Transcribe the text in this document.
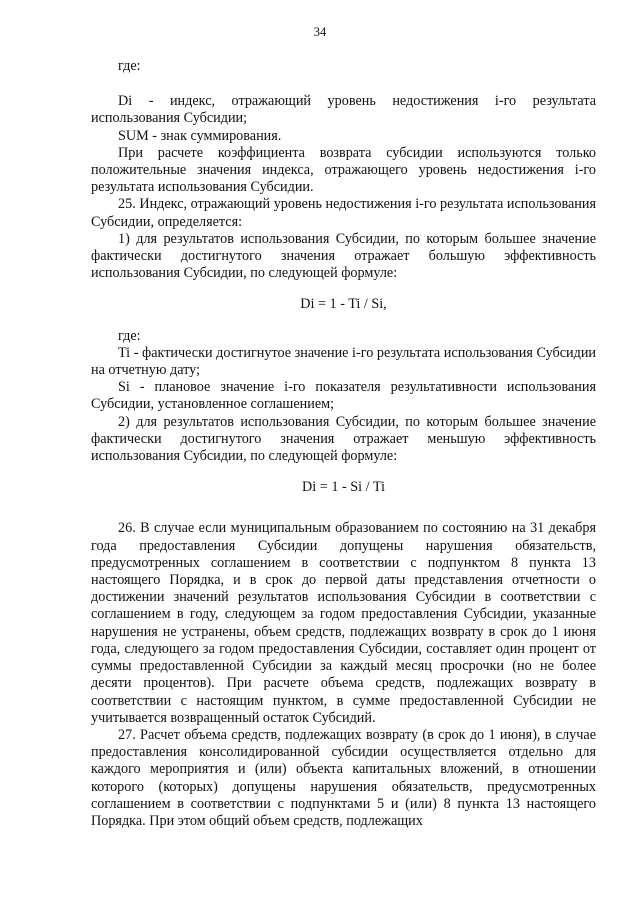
34

где:

Di - индекс, отражающий уровень недостижения i-го результата использования Субсидии;

SUM - знак суммирования.

При расчете коэффициента возврата субсидии используются только положительные значения индекса, отражающего уровень недостижения i-го результата использования Субсидии.

25. Индекс, отражающий уровень недостижения i-го результата использования Субсидии, определяется:

1) для результатов использования Субсидии, по которым большее значение фактически достигнутого значения отражает большую эффективность использования Субсидии, по следующей формуле:

Di = 1 - Ti / Si,

где:

Ti - фактически достигнутое значение i-го результата использования Субсидии на отчетную дату;

Si - плановое значение i-го показателя результативности использования Субсидии, установленное соглашением;

2) для результатов использования Субсидии, по которым большее значение фактически достигнутого значения отражает меньшую эффективность использования Субсидии, по следующей формуле:

Di = 1 - Si / Ti

26. В случае если муниципальным образованием по состоянию на 31 декабря года предоставления Субсидии допущены нарушения обязательств, предусмотренных соглашением в соответствии с подпунктом 8 пункта 13 настоящего Порядка, и в срок до первой даты представления отчетности о достижении значений результатов использования Субсидии в соответствии с соглашением в году, следующем за годом предоставления Субсидии, указанные нарушения не устранены, объем средств, подлежащих возврату в срок до 1 июня года, следующего за годом предоставления Субсидии, составляет один процент от суммы предоставленной Субсидии за каждый месяц просрочки (но не более десяти процентов). При расчете объема средств, подлежащих возврату в соответствии с настоящим пунктом, в сумме предоставленной Субсидии не учитывается возвращенный остаток Субсидий.

27. Расчет объема средств, подлежащих возврату (в срок до 1 июня), в случае предоставления консолидированной субсидии осуществляется отдельно для каждого мероприятия и (или) объекта капитальных вложений, в отношении которого (которых) допущены нарушения обязательств, предусмотренных соглашением в соответствии с подпунктами 5 и (или) 8 пункта 13 настоящего Порядка. При этом общий объем средств, подлежащих
